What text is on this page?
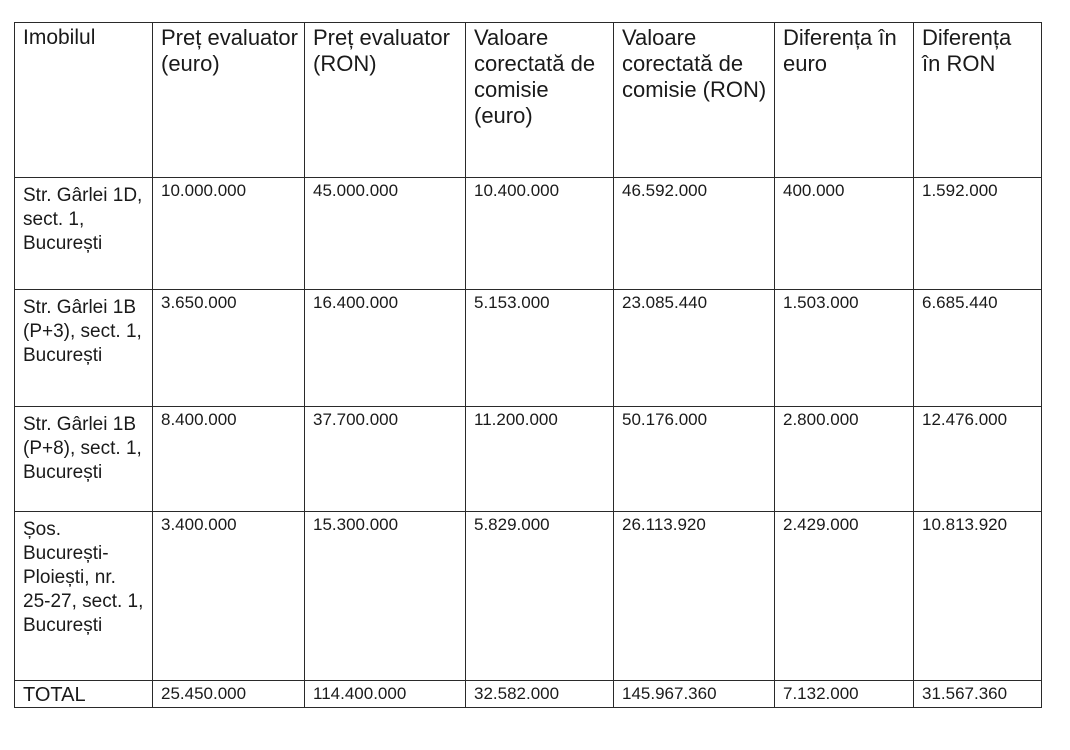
Imobilul	Preț evaluator (euro)	Preț evaluator (RON)	Valoare corectată de comisie (euro)	Valoare corectată de comisie (RON)	Diferența în euro	Diferența în RON

Str. Gârlei 1D, sect. 1, București	10.000.000	45.000.000	10.400.000	46.592.000	400.000	1.592.000
Str. Gârlei 1B (P+3), sect. 1, București	3.650.000	16.400.000	5.153.000	23.085.440	1.503.000	6.685.440
Str. Gârlei 1B (P+8), sect. 1, București	8.400.000	37.700.000	11.200.000	50.176.000	2.800.000	12.476.000
Șos. București-Ploiești, nr. 25-27, sect. 1, București	3.400.000	15.300.000	5.829.000	26.113.920	2.429.000	10.813.920
TOTAL	25.450.000	114.400.000	32.582.000	145.967.360	7.132.000	31.567.360
